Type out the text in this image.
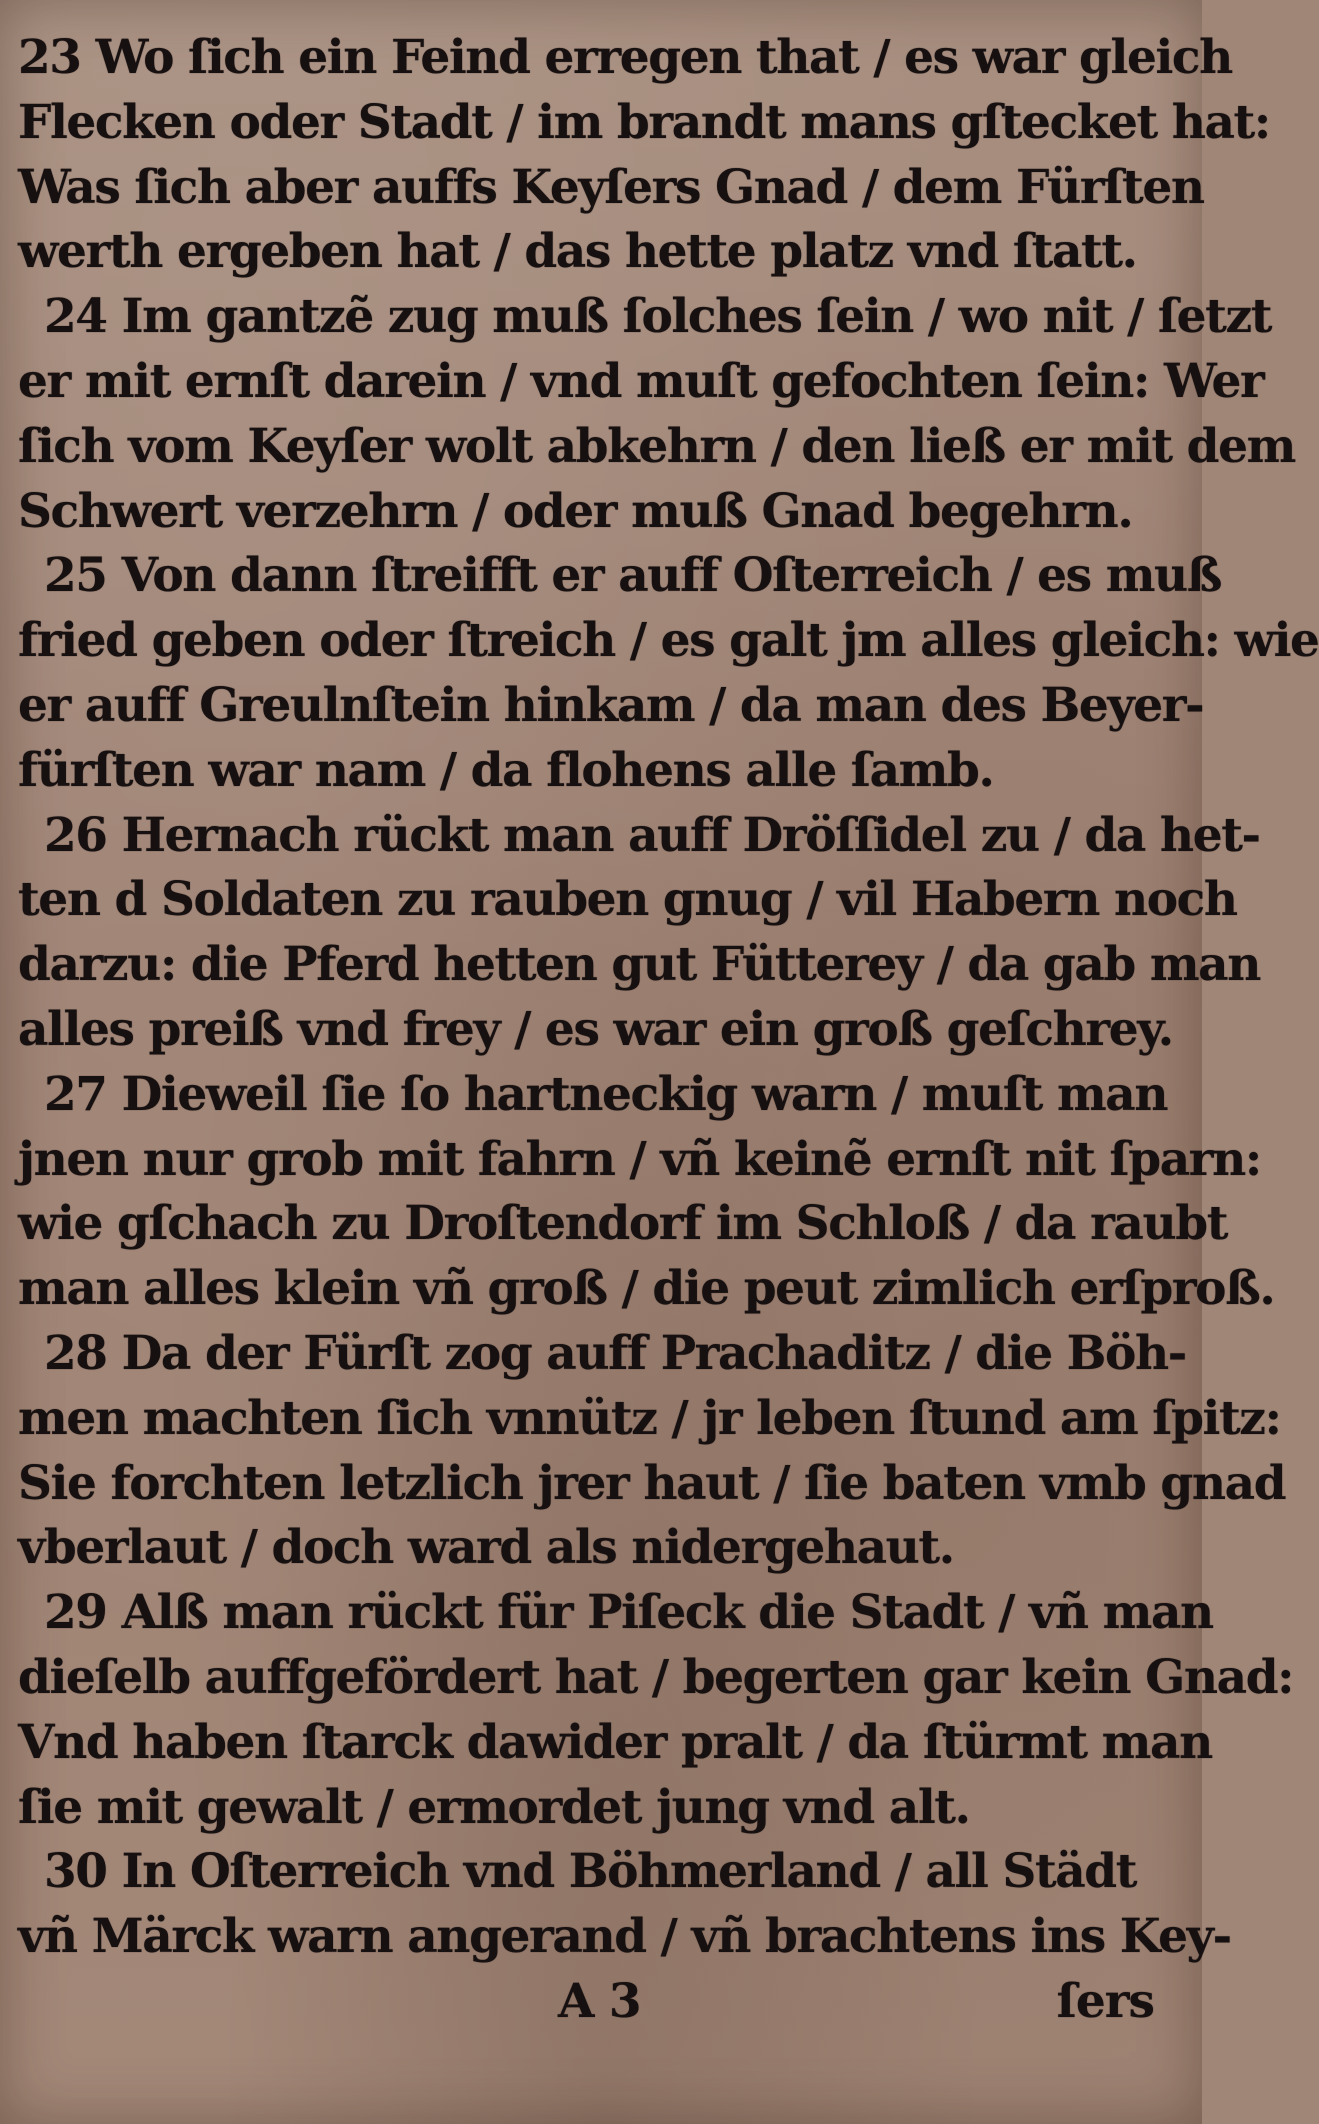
23 Wo ſich ein Feind erregen that / es war gleich
Flecken oder Stadt / im brandt mans gſtecket hat:
Was ſich aber auffs Keyſers Gnad / dem Fürſten
werth ergeben hat / das hette platz vnd ſtatt.
24 Im gantzẽ zug muß ſolches ſein / wo nit / ſetzt
er mit ernſt darein / vnd muſt gefochten ſein: Wer
ſich vom Keyſer wolt abkehrn / den ließ er mit dem
Schwert verzehrn / oder muß Gnad begehrn.
25 Von dann ſtreifft er auff Oſterreich / es muß
fried geben oder ſtreich / es galt jm alles gleich: wie
er auff Greulnſtein hinkam / da man des Beyer-
fürſten war nam / da flohens alle ſamb.
26 Hernach rückt man auff Dröſſidel zu / da het-
ten d Soldaten zu rauben gnug / vil Habern noch
darzu: die Pferd hetten gut Fütterey / da gab man
alles preiß vnd frey / es war ein groß geſchrey.
27 Dieweil ſie ſo hartneckig warn / muſt man
jnen nur grob mit fahrn / vñ keinẽ ernſt nit ſparn:
wie gſchach zu Droſtendorf im Schloß / da raubt
man alles klein vñ groß / die peut zimlich erſproß.
28 Da der Fürſt zog auff Prachaditz / die Böh-
men machten ſich vnnütz / jr leben ſtund am ſpitz:
Sie forchten letzlich jrer haut / ſie baten vmb gnad
vberlaut / doch ward als nidergehaut.
29 Alß man rückt für Piſeck die Stadt / vñ man
dieſelb auffgefördert hat / begerten gar kein Gnad:
Vnd haben ſtarck dawider pralt / da ſtürmt man
ſie mit gewalt / ermordet jung vnd alt.
30 In Oſterreich vnd Böhmerland / all Städt
vñ Märck warn angerand / vñ brachtens ins Key-
A 3	ſers
